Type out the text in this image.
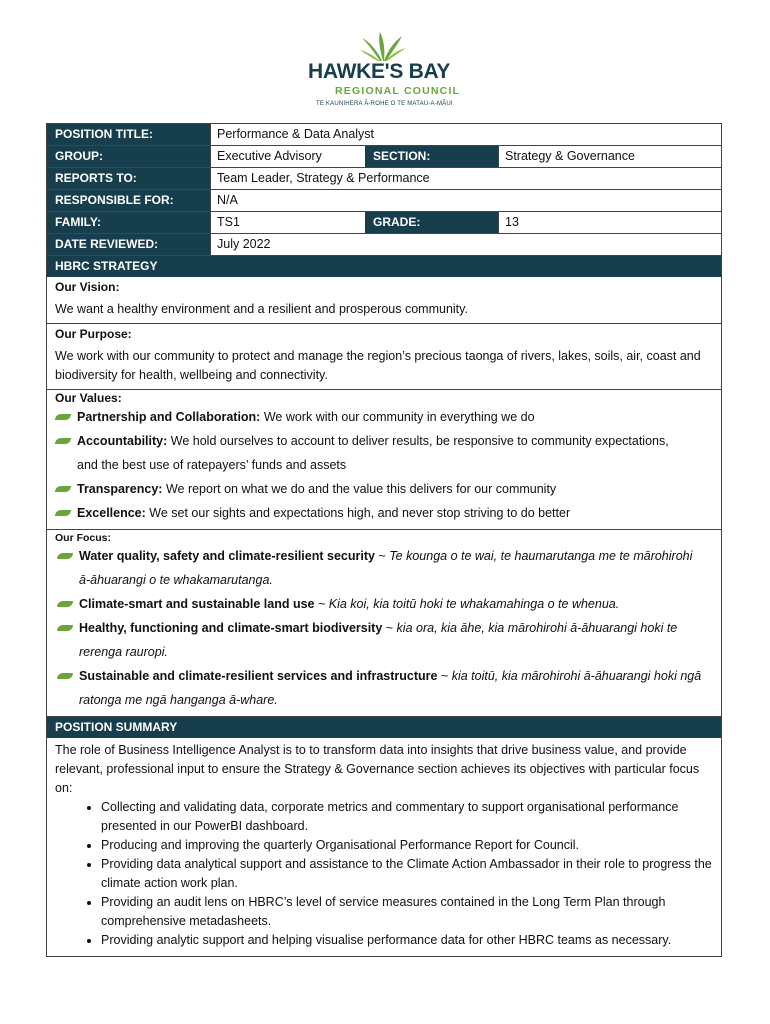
HAWKE'S BAY
REGIONAL COUNCIL
TE KAUNIHERA Ā-ROHE O TE MATAU-A-MĀUI
POSITION TITLE:	Performance & Data Analyst
GROUP:	Executive Advisory	SECTION:	Strategy & Governance
REPORTS TO:	Team Leader, Strategy & Performance
RESPONSIBLE FOR:	N/A
FAMILY:	TS1	GRADE:	13
DATE REVIEWED:	July 2022
HBRC STRATEGY
Our Vision:

We want a healthy environment and a resilient and prosperous community.

Our Purpose:

We work with our community to protect and manage the region’s precious taonga of rivers, lakes, soils, air, coast and biodiversity for health, wellbeing and connectivity.

Our Values:
Partnership and Collaboration: We work with our community in everything we do
Accountability: We hold ourselves to account to deliver results, be responsive to community expectations,
and the best use of ratepayers’ funds and assets
Transparency: We report on what we do and the value this delivers for our community
Excellence: We set our sights and expectations high, and never stop striving to do better
Our Focus:
Water quality, safety and climate-resilient security ~ Te kounga o te wai, te haumarutanga me te mārohirohi
ā-āhuarangi o te whakamarutanga.
Climate-smart and sustainable land use ~ Kia koi, kia toitū hoki te whakamahinga o te whenua.
Healthy, functioning and climate-smart biodiversity ~ kia ora, kia āhe, kia mārohirohi ā-āhuarangi hoki te
rerenga rauropi.
Sustainable and climate-resilient services and infrastructure ~ kia toitū, kia mārohirohi ā-āhuarangi hoki ngā
ratonga me ngā hanganga ā-whare.
POSITION SUMMARY
The role of Business Intelligence Analyst is to to transform data into insights that drive business value, and provide relevant, professional input to ensure the Strategy & Governance section achieves its objectives with particular focus on:
• Collecting and validating data, corporate metrics and commentary to support organisational performance presented in our PowerBI dashboard.
• Producing and improving the quarterly Organisational Performance Report for Council.
• Providing data analytical support and assistance to the Climate Action Ambassador in their role to progress the climate action work plan.
• Providing an audit lens on HBRC’s level of service measures contained in the Long Term Plan through comprehensive metadasheets.
• Providing analytic support and helping visualise performance data for other HBRC teams as necessary.
